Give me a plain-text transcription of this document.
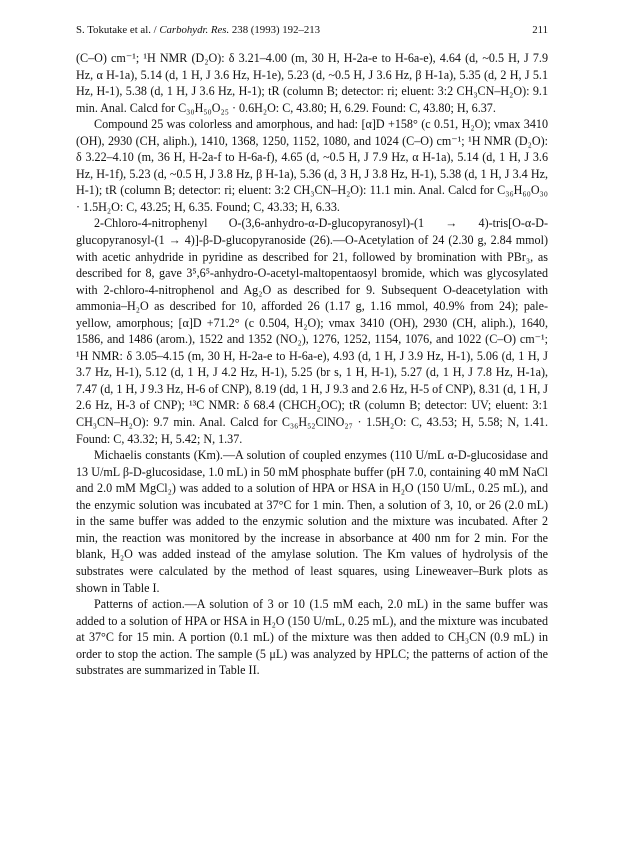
S. Tokutake et al. / Carbohydr. Res. 238 (1993) 192–213	211

(C–O) cm⁻¹; ¹H NMR (D₂O): δ 3.21–4.00 (m, 30 H, H-2a-e to H-6a-e), 4.64 (d, ~0.5 H, J 7.9 Hz, α H-1a), 5.14 (d, 1 H, J 3.6 Hz, H-1e), 5.23 (d, ~0.5 H, J 3.6 Hz, β H-1a), 5.35 (d, 2 H, J 5.1 Hz, H-1), 5.38 (d, 1 H, J 3.6 Hz, H-1); tR (column B; detector: ri; eluent: 3:2 CH₃CN–H₂O): 9.1 min. Anal. Calcd for C₃₀H₅₀O₂₅ · 0.6H₂O: C, 43.80; H, 6.29. Found: C, 43.80; H, 6.37.

Compound 25 was colorless and amorphous, and had: [α]D +158° (c 0.51, H₂O); νmax 3410 (OH), 2930 (CH, aliph.), 1410, 1368, 1250, 1152, 1080, and 1024 (C–O) cm⁻¹; ¹H NMR (D₂O): δ 3.22–4.10 (m, 36 H, H-2a-f to H-6a-f), 4.65 (d, ~0.5 H, J 7.9 Hz, α H-1a), 5.14 (d, 1 H, J 3.6 Hz, H-1f), 5.23 (d, ~0.5 H, J 3.8 Hz, β H-1a), 5.36 (d, 3 H, J 3.8 Hz, H-1), 5.38 (d, 1 H, J 3.4 Hz, H-1); tR (column B; detector: ri; eluent: 3:2 CH₃CN–H₂O): 11.1 min. Anal. Calcd for C₃₆H₆₀O₃₀ · 1.5H₂O: C, 43.25; H, 6.35. Found; C, 43.33; H, 6.33.

2-Chloro-4-nitrophenyl O-(3,6-anhydro-α-D-glucopyranosyl)-(1 → 4)-tris[O-α-D-glucopyranosyl-(1 → 4)]-β-D-glucopyranoside (26).—O-Acetylation of 24 (2.30 g, 2.84 mmol) with acetic anhydride in pyridine as described for 21, followed by bromination with PBr₃, as described for 8, gave 3⁵,6⁵-anhydro-O-acetyl-maltopentaosyl bromide, which was glycosylated with 2-chloro-4-nitrophenol and Ag₂O as described for 9. Subsequent O-deacetylation with ammonia–H₂O as described for 10, afforded 26 (1.17 g, 1.16 mmol, 40.9% from 24); pale-yellow, amorphous; [α]D +71.2° (c 0.504, H₂O); νmax 3410 (OH), 2930 (CH, aliph.), 1640, 1586, and 1486 (arom.), 1522 and 1352 (NO₂), 1276, 1252, 1154, 1076, and 1022 (C–O) cm⁻¹; ¹H NMR: δ 3.05–4.15 (m, 30 H, H-2a-e to H-6a-e), 4.93 (d, 1 H, J 3.9 Hz, H-1), 5.06 (d, 1 H, J 3.7 Hz, H-1), 5.12 (d, 1 H, J 4.2 Hz, H-1), 5.25 (br s, 1 H, H-1), 5.27 (d, 1 H, J 7.8 Hz, H-1a), 7.47 (d, 1 H, J 9.3 Hz, H-6 of CNP), 8.19 (dd, 1 H, J 9.3 and 2.6 Hz, H-5 of CNP), 8.31 (d, 1 H, J 2.6 Hz, H-3 of CNP); ¹³C NMR: δ 68.4 (CHCH₂OC); tR (column B; detector: UV; eluent: 3:1 CH₃CN–H₂O): 9.7 min. Anal. Calcd for C₃₆H₅₂ClNO₂₇ · 1.5H₂O: C, 43.53; H, 5.58; N, 1.41. Found: C, 43.32; H, 5.42; N, 1.37.

Michaelis constants (Km).—A solution of coupled enzymes (110 U/mL α-D-glucosidase and 13 U/mL β-D-glucosidase, 1.0 mL) in 50 mM phosphate buffer (pH 7.0, containing 40 mM NaCl and 2.0 mM MgCl₂) was added to a solution of HPA or HSA in H₂O (150 U/mL, 0.25 mL), and the enzymic solution was incubated at 37°C for 1 min. Then, a solution of 3, 10, or 26 (2.0 mL) in the same buffer was added to the enzymic solution and the mixture was incubated. After 2 min, the reaction was monitored by the increase in absorbance at 400 nm for 2 min. For the blank, H₂O was added instead of the amylase solution. The Km values of hydrolysis of the substrates were calculated by the method of least squares, using Lineweaver–Burk plots as shown in Table I.

Patterns of action.—A solution of 3 or 10 (1.5 mM each, 2.0 mL) in the same buffer was added to a solution of HPA or HSA in H₂O (150 U/mL, 0.25 mL), and the mixture was incubated at 37°C for 15 min. A portion (0.1 mL) of the mixture was then added to CH₃CN (0.9 mL) in order to stop the action. The sample (5 μL) was analyzed by HPLC; the patterns of action of the substrates are summarized in Table II.
